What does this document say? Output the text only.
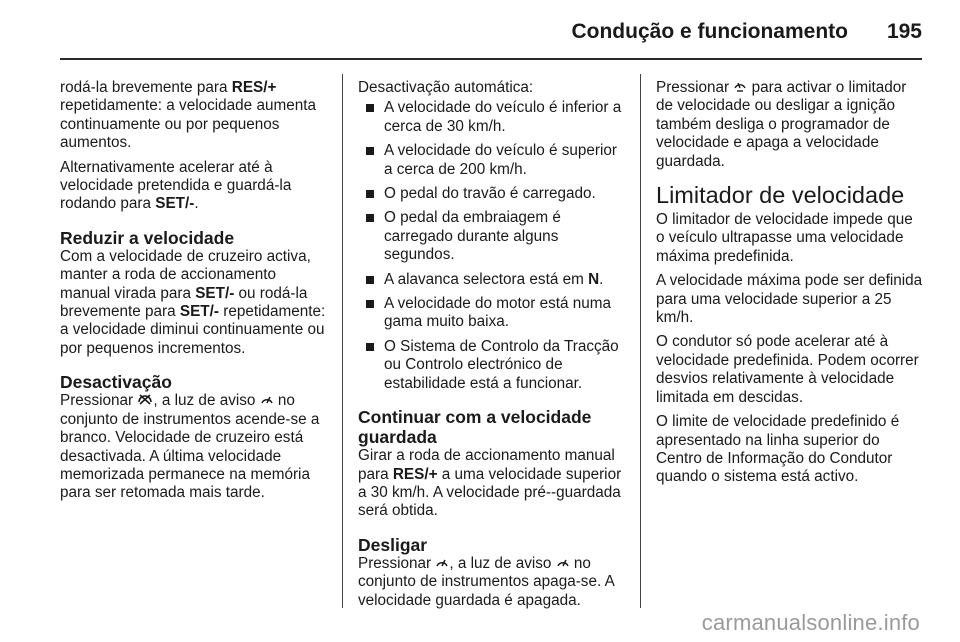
Condução e funcionamento 195

rodá-la brevemente para RES/+ repetidamente: a velocidade aumenta continuamente ou por pequenos aumentos.

Alternativamente acelerar até à velocidade pretendida e guardá-la rodando para SET/-.

Reduzir a velocidade

Com a velocidade de cruzeiro activa, manter a roda de accionamento manual virada para SET/- ou rodá-la brevemente para SET/- repetidamente: a velocidade diminui continuamente ou por pequenos incrementos.

Desactivação

Pressionar , a luz de aviso  no conjunto de instrumentos acende-se a branco. Velocidade de cruzeiro está desactivada. A última velocidade memorizada permanece na memória para ser retomada mais tarde.

Desactivação automática:
A velocidade do veículo é inferior a cerca de 30 km/h.
A velocidade do veículo é superior a cerca de 200 km/h.
O pedal do travão é carregado.
O pedal da embraiagem é carregado durante alguns segundos.
A alavanca selectora está em N.
A velocidade do motor está numa gama muito baixa.
O Sistema de Controlo da Tracção ou Controlo electrónico de estabilidade está a funcionar.
Continuar com a velocidade guardada

Girar a roda de accionamento manual para RES/+ a uma velocidade superior a 30 km/h. A velocidade pré--guardada será obtida.

Desligar

Pressionar , a luz de aviso  no conjunto de instrumentos apaga-se. A velocidade guardada é apagada.

Pressionar  para activar o limitador de velocidade ou desligar a ignição também desliga o programador de velocidade e apaga a velocidade guardada.

Limitador de velocidade

O limitador de velocidade impede que o veículo ultrapasse uma velocidade máxima predefinida.

A velocidade máxima pode ser definida para uma velocidade superior a 25 km/h.

O condutor só pode acelerar até à velocidade predefinida. Podem ocorrer desvios relativamente à velocidade limitada em descidas.

O limite de velocidade predefinido é apresentado na linha superior do Centro de Informação do Condutor quando o sistema está activo.

carmanualsonline.info
